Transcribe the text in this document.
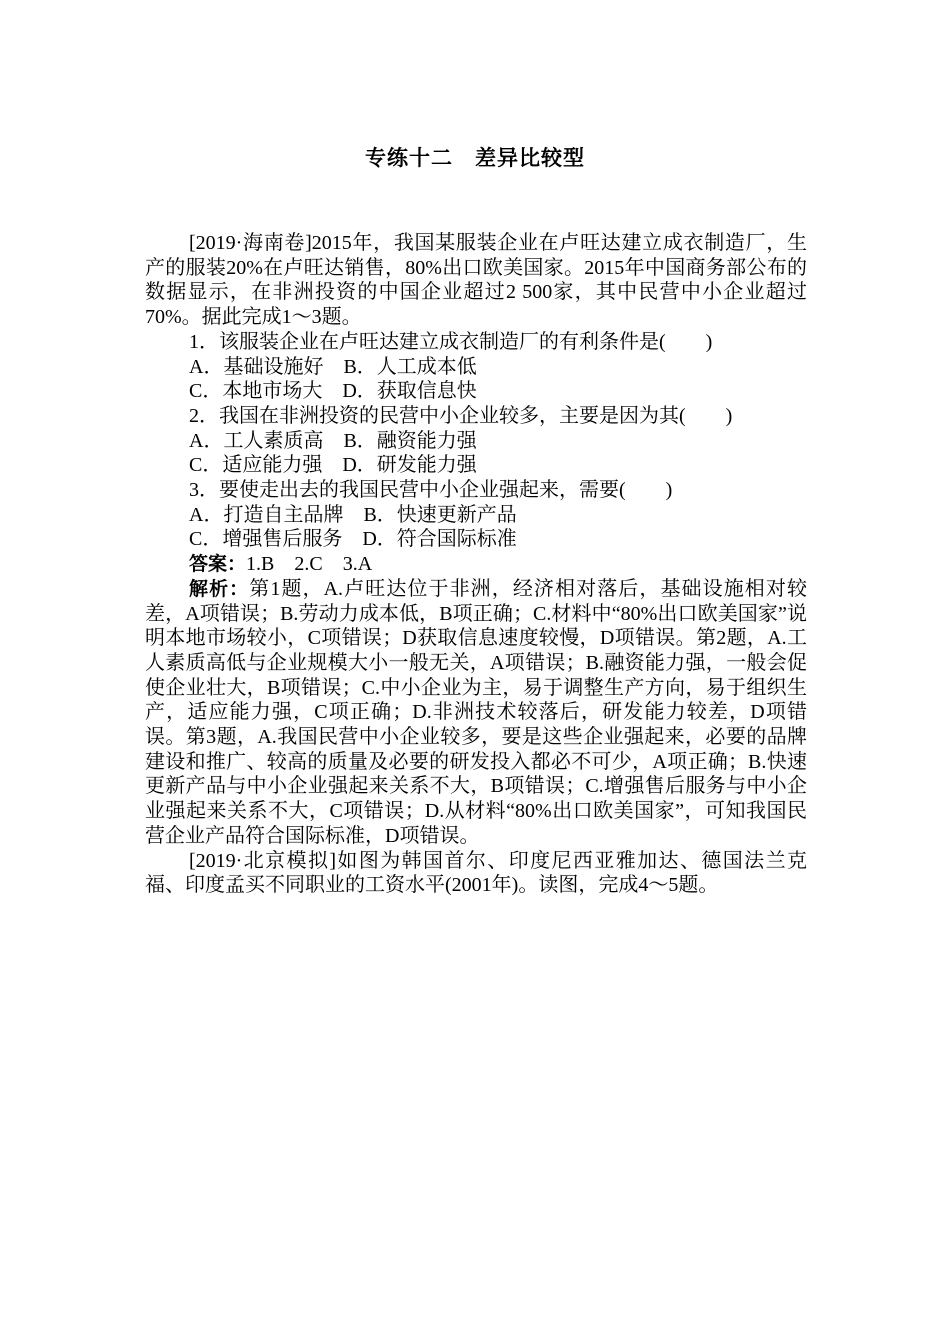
专练十二　差异比较型

[2019·海南卷]2015年，我国某服装企业在卢旺达建立成衣制造厂，生产的服装20%在卢旺达销售，80%出口欧美国家。2015年中国商务部公布的数据显示，在非洲投资的中国企业超过2 500家，其中民营中小企业超过70%。据此完成1～3题。

1．该服装企业在卢旺达建立成衣制造厂的有利条件是(　　)

A．基础设施好　B．人工成本低

C．本地市场大　D．获取信息快

2．我国在非洲投资的民营中小企业较多，主要是因为其(　　)

A．工人素质高　B．融资能力强

C．适应能力强　D．研发能力强

3．要使走出去的我国民营中小企业强起来，需要(　　)

A．打造自主品牌　B．快速更新产品

C．增强售后服务　D．符合国际标准

答案：1.B　2.C　3.A

解析：第1题，A.卢旺达位于非洲，经济相对落后，基础设施相对较差，A项错误；B.劳动力成本低，B项正确；C.材料中“80%出口欧美国家”说明本地市场较小，C项错误；D获取信息速度较慢，D项错误。第2题，A.工人素质高低与企业规模大小一般无关，A项错误；B.融资能力强，一般会促使企业壮大，B项错误；C.中小企业为主，易于调整生产方向，易于组织生产，适应能力强，C项正确；D.非洲技术较落后，研发能力较差，D项错误。第3题，A.我国民营中小企业较多，要是这些企业强起来，必要的品牌建设和推广、较高的质量及必要的研发投入都必不可少，A项正确；B.快速更新产品与中小企业强起来关系不大，B项错误；C.增强售后服务与中小企业强起来关系不大，C项错误；D.从材料“80%出口欧美国家”，可知我国民营企业产品符合国际标准，D项错误。

[2019·北京模拟]如图为韩国首尔、印度尼西亚雅加达、德国法兰克福、印度孟买不同职业的工资水平(2001年)。读图，完成4～5题。
